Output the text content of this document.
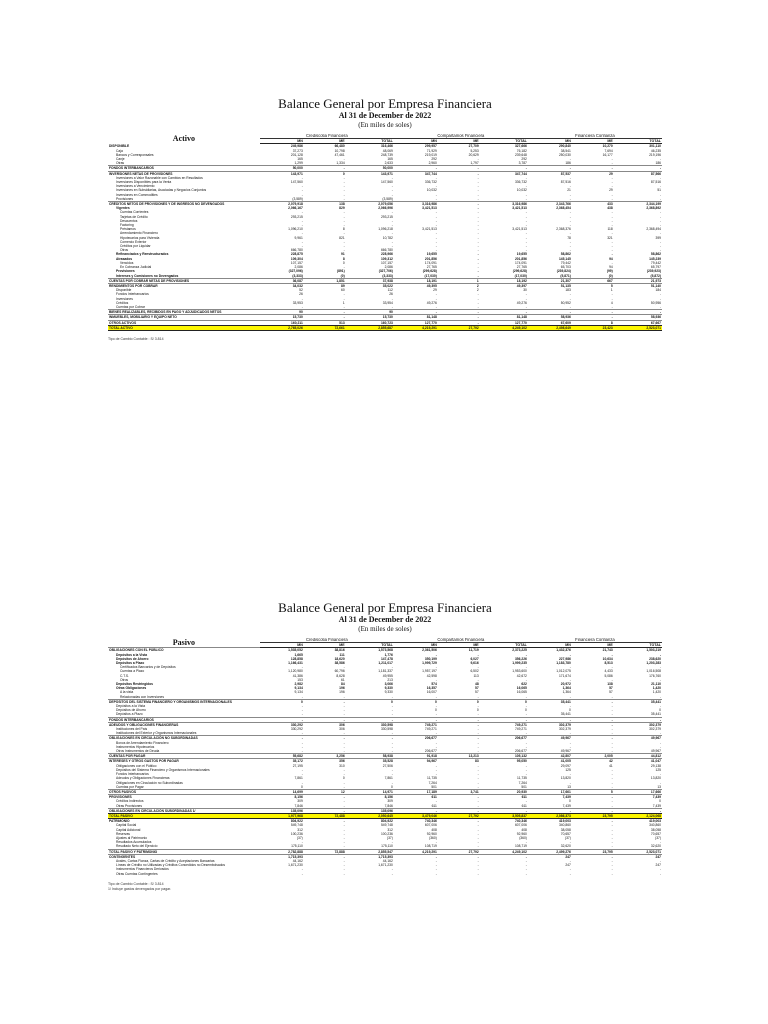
Balance General por Empresa Financiera
Al 31 de December de 2022
(En miles de soles)
Activo	Crediscotia Financiera			Compartamos Financiera			Financiera Confianza		
	MN	ME	TOTAL	MN	ME	TOTAL	MN	ME	TOTAL
DISPONIBLE	249,986	66,480	316,466	299,957	27,709	327,666	290,840	10,270	301,110
Caja	37,273	10,798	48,069	71,929	5,253	76,182	38,541	7,694	46,235
Bancos y Corresponsales	201,128	47,461	248,739	219,019	20,629	239,648	250,030	16,177	219,196
Canje	165	-	165	292	-	292	-	-	-
Otras	1,299	1,334	2,633	2,960	1,797	3,787	186	-	186
FONDOS INTERBANCARIOS	50,000	-	50,000	-	-	-	-	-	-
INVERSIONES NETAS DE PROVISIONES	143,971	0	143,971	347,744	-	347,744	87,537	29	87,566
Inversiones a Valor Razonable con Cambios en Resultados	-	-	-	-	-	-	-	-	-
Inversiones Disponibles para la Venta	147,560	-	147,560	336,732	-	336,732	87,516	-	87,516
Inversiones a Vencimiento	-	-	-	-	-	-	-	-	-
Inversiones en Subsidiarias, Asociadas y Negocios Conjuntos	-	-	-	10,032	-	10,032	21	29	51
Inversiones en Commodities	-	-	-	-	-	-	-	-	-
Provisiones	(3,589)	-	(3,589)	-	-	-	-	-	-
CRÉDITOS NETOS DE PROVISIONES Y DE INGRESOS NO DEVENGADOS	2,079,918	138	2,079,056	3,316,986	-	3,316,986	2,343,766	433	2,344,199
Vigentes	2,066,167	829	2,066,996	3,421,513	-	3,421,513	2,368,454	438	2,368,892
Cuentas Corrientes	-	-	-	-	-	-	-	-	-
Tarjetas de Crédito	293,215	-	293,215	-	-	-	-	-	-
Descuentos	-	-	-	-	-	-	-	-	-
Factoring	-	-	-	-	-	-	-	-	-
Préstamos	1,096,210	8	1,096,218	3,421,513	-	3,421,513	2,368,376	118	2,368,494
Arrendamiento Financiero	-	-	-	-	-	-	-	-	-
Hipotecarios para Vivienda	9,961	821	10,782	-	-	-	78	321	399
Comercio Exterior	-	-	-	-	-	-	-	-	-
Créditos por Liquidar	-	-	-	-	-	-	-	-	-
Otros	666,780	-	666,780	-	-	-	-	-	-
Refinanciados y Reestructurados	228,875	91	228,966	19,655	-	19,655	58,862	-	58,862
Atrasados	109,304	8	109,312	201,856	-	201,856	145,145	94	145,239
Vencidos	107,157	0	107,157	174,091	-	174,091	79,442	-	79,442
En Cobranza Judicial	2,086	-	2,086	27,765	-	27,765	65,703	94	65,797
Provisiones	(327,096)	(891)	(327,706)	(299,628)	-	(299,628)	(239,824)	(99)	(239,923)
Intereses y Comisiones no Devengados	(3,333)	(0)	(3,333)	(17,030)	-	(17,030)	(5,871)	(0)	(5,872)
CUENTAS POR COBRAR NETAS DE PROVISIONES	36,087	1,851	37,938	18,191	1	18,192	21,307	667	21,973
RENDIMIENTOS POR COBRAR	34,032	89	35,022	49,395	2	49,397	51,135	5	51,140
Disponible	52	60	112	29	2	30	183	1	184
Fondos Interbancarios	26	-	26	-	-	-	-	-	-
Inversiones	-	-	-	-	-	-	-	-	-
Créditos	33,953	1	33,954	49,276	-	49,276	50,952	4	50,956
Cuentas por Cobrar	-	-	-	-	-	-	-	-	-
BIENES REALIZABLES, RECIBIDOS EN PAGO Y ADJUDICADOS NETOS	90	-	90	-	-	-	-	-	-
INMUEBLES, MOBILIARIO Y EQUIPO NETO	15,730	-	15,730	81,148	-	81,148	58,936	-	58,936
OTROS ACTIVOS	160,211	513	160,723	127,770	-	127,770	67,609	8	67,667
TOTAL ACTIVO	2,765,026	72,661	2,855,687	4,219,291	27,792	4,249,102	2,498,649	23,423	2,523,071
Tipo de Cambio Contable : S/ 3.814
Balance General por Empresa Financiera
Al 31 de December de 2022
(En miles de soles)
Pasivo	Crediscotia Financiera			Compartamos Financiera			Financiera Confianza		
	MN	ME	TOTAL	MN	ME	TOTAL	MN	ME	TOTAL
OBLIGACIONES CON EL PÚBLICO	1,535,052	38,816	1,573,568	2,361,506	11,719	2,373,225	1,432,376	21,743	1,503,219
Depósitos a la Vista	1,665	111	1,776	-	-	-	-	-	-
Depósitos de Ahorro	128,858	18,620	147,478	350,199	6,027	356,226	227,986	10,634	238,620
Depósitos a Plazo	1,166,431	38,586	1,211,017	1,999,729	9,616	1,999,235	1,183,780	8,513	1,203,283
Certificados Bancarios y de Depósitos	-	-	-	-	-	-	-	-	-
Cuentas a Plazo	1,120,980	60,796	1,181,337	1,957,197	6,502	1,953,600	1,012,075	4,433	1,016,508
C.T.S.	41,386	8,628	49,955	42,598	113	42,672	171,674	5,086	176,760
Otros	153	61	213	-	-	-	-	-	-
Depósitos Restringidos	2,982	84	3,066	574	48	622	20,972	138	21,110
Otras Obligaciones	9,134	196	9,330	16,357	57	16,065	1,364	57	1,420
A la vista	9,134	196	9,330	16,007	57	16,065	1,364	57	1,420
Relacionadas con Inversiones	-	-	-	-	-	-	-	-	-
DEPÓSITOS DEL SISTEMA FINANCIERO Y ORGANISMOS INTERNACIONALES	0	-	0	0	0	0	35,441	-	35,441
Depósitos a la Vista	-	-	-	-	-	-	-	-	-
Depósitos de Ahorro	-	-	-	0	0	0	0	-	0
Depósitos a Plazo	-	-	-	-	-	-	35,441	-	35,441
FONDOS INTERBANCARIOS	-	-	-	-	-	-	-	-	-
ADEUDOS Y OBLIGACIONES FINANCIERAS	330,292	306	330,598	749,271	-	749,271	302,379	-	302,379
Instituciones del País	330,292	306	330,598	749,271	-	749,271	302,379	-	302,379
Instituciones del Exterior y Organismos Internacionales	-	-	-	-	-	-	-	-	-
OBLIGACIONES EN CIRCULACIÓN NO SUBORDINADAS	-	-	-	206,677	-	206,677	49,967	-	49,967
Bonos de Arrendamiento Financiero	-	-	-	-	-	-	-	-	-
Instrumentos Hipotecarios	-	-	-	-	-	-	-	-	-
Otros Instrumentos de Deuda	-	-	-	206,677	-	206,677	49,967	-	49,967
CUENTAS POR PAGAR	55,682	3,256	58,938	91,918	13,213	105,132	42,807	2,005	44,812
INTERESES Y OTROS GASTOS POR PAGAR	35,172	356	35,528	94,967	83	95,050	41,005	42	41,047
Obligaciones con el Público	27,195	310	27,506	-	-	-	29,097	41	29,138
Depósitos del Sistema Financiero y Organismos Internacionales	-	-	-	-	-	-	125	-	125
Fondos Interbancarios	-	-	-	-	-	-	-	-	-
Adeudos y Obligaciones Financieras	7,861	0	7,861	11,735	-	11,735	13,820	-	13,820
Obligaciones en Circulación no Subordinadas	-	-	-	7,264	-	7,264	-	-	-
Cuentas por Pagar	0	-	0	501	-	501	13	-	13
OTROS PASIVOS	14,699	12	14,971	17,189	3,741	20,930	17,661	5	17,666
PROVISIONES	8,156	-	8,156	611	-	611	7,439	-	7,439
Créditos Indirectos	309	-	309	-	-	-	0	-	0
Otras Provisiones	7,846	-	7,846	611	-	611	7,439	-	7,439
OBLIGACIONES EN CIRCULACIÓN SUBORDINADAS 1/	135,096	-	135,096	-	-	-	-	-	-
TOTAL PASIVO	1,977,968	72,488	2,050,645	3,479,046	27,792	3,505,837	2,086,373	23,795	2,124,068
PATRIMONIO	804,922	-	804,922	740,346	-	740,346	419,003	-	419,003
Capital Social	549,748	-	549,748	607,006	-	607,006	340,860	-	340,860
Capital Adicional	312	-	312	408	-	408	38,058	-	38,058
Reservas	100,236	-	100,236	92,960	-	92,960	70,657	-	70,657
Ajustes al Patrimonio	(37)	-	(37)	(360)	-	(360)	(37)	-	(37)
Resultados Acumulados	-	-	-	-	-	-	-	-	-
Resultado Neto del Ejercicio	175,110	-	175,110	108,719	-	108,719	32,620	-	32,620
TOTAL PASIVO Y PATRIMONIO	2,782,888	72,888	2,855,547	4,219,291	27,792	4,249,102	2,499,276	23,795	2,523,071
CONTINGENTES	1,715,393	-	1,715,393	-	-	-	247	-	247
Avales, Cartas Fianza, Cartas de Crédito y Aceptaciones Bancarias	44,162	-	44,162	-	-	-	-	-	-
Líneas de Crédito no Utilizadas y Créditos Concedidos no Desembolsados	1,671,230	-	1,671,230	-	-	-	247	-	247
Instrumentos Financieros Derivados	-	-	-	-	-	-	-	-	-
Otras Cuentas Contingentes	-	-	-	-	-	-	-	-	-
Tipo de Cambio Contable : S/ 3.814
1/ Incluye gastos devengados por pagar.
